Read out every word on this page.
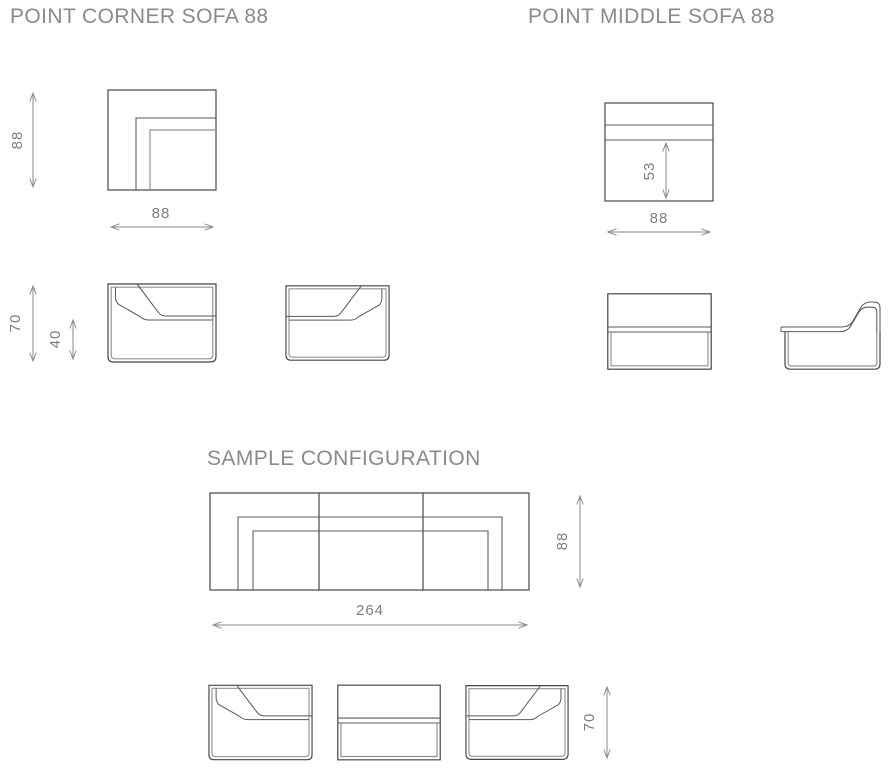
POINT CORNER SOFA 88	POINT MIDDLE SOFA 88
SAMPLE CONFIGURATION
88
88
53
88
70
40
264
88
70
